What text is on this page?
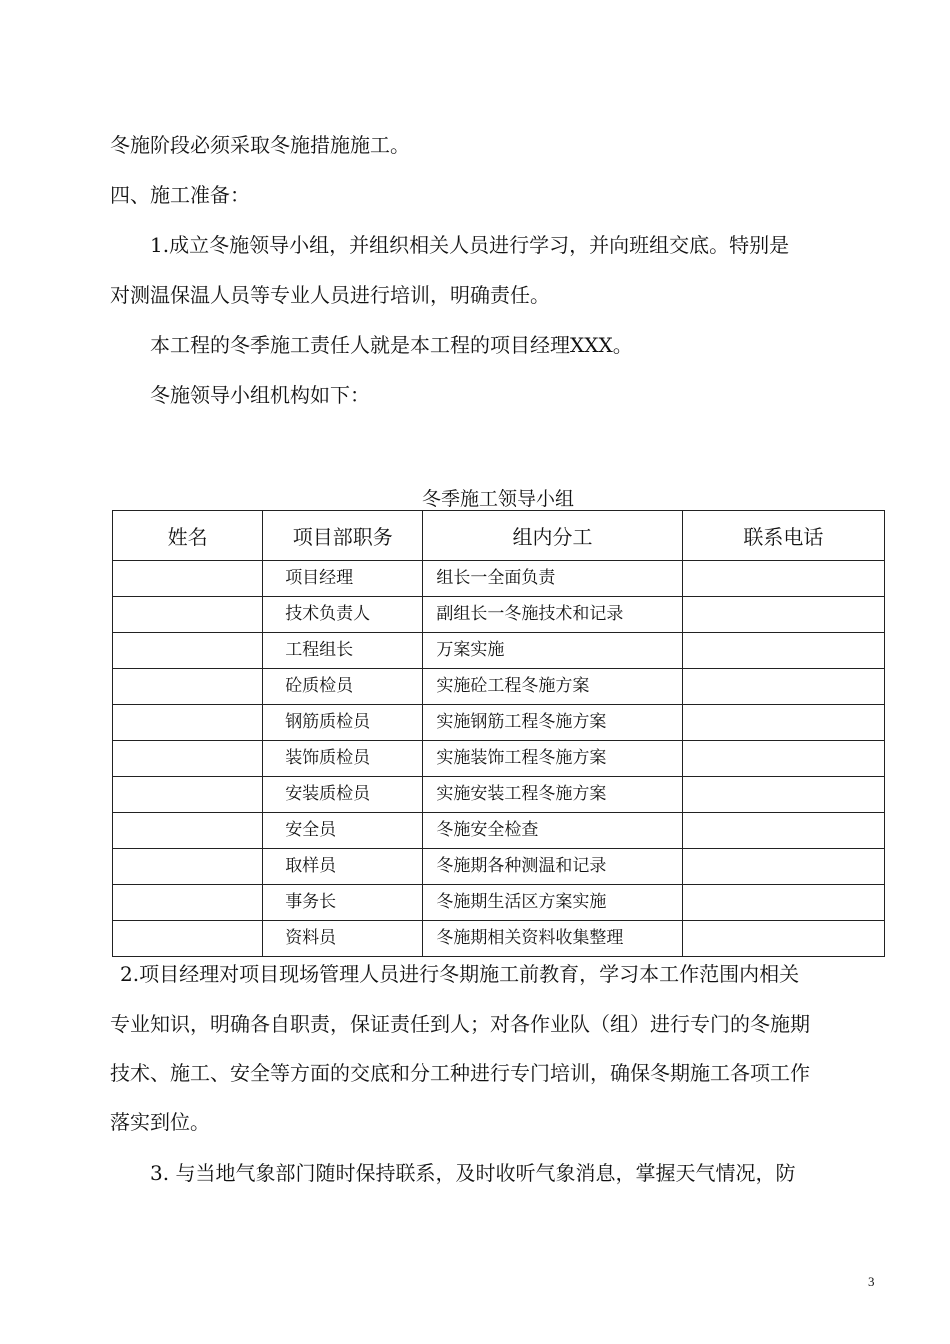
冬施阶段必须采取冬施措施施工。
四、施工准备：
1.成立冬施领导小组，并组织相关人员进行学习，并向班组交底。特别是
对测温保温人员等专业人员进行培训，明确责任。
本工程的冬季施工责任人就是本工程的项目经理XXX。
冬施领导小组机构如下：
冬季施工领导小组
姓名	项目部职务	组内分工	联系电话
	项目经理	组长一全面负责	
	技术负责人	副组长一冬施技术和记录	
	工程组长	万案实施	
	砼质检员	实施砼工程冬施方案	
	钢筋质检员	实施钢筋工程冬施方案	
	装饰质检员	实施装饰工程冬施方案	
	安装质检员	实施安装工程冬施方案	
	安全员	冬施安全检查	
	取样员	冬施期各种测温和记录	
	事务长	冬施期生活区方案实施	
	资料员	冬施期相关资料收集整理	
2.项目经理对项目现场管理人员进行冬期施工前教育，学习本工作范围内相关
专业知识，明确各自职责，保证责任到人；对各作业队（组）进行专门的冬施期
技术、施工、安全等方面的交底和分工种进行专门培训，确保冬期施工各项工作
落实到位。
3. 与当地气象部门随时保持联系，及时收听气象消息，掌握天气情况，防
3
